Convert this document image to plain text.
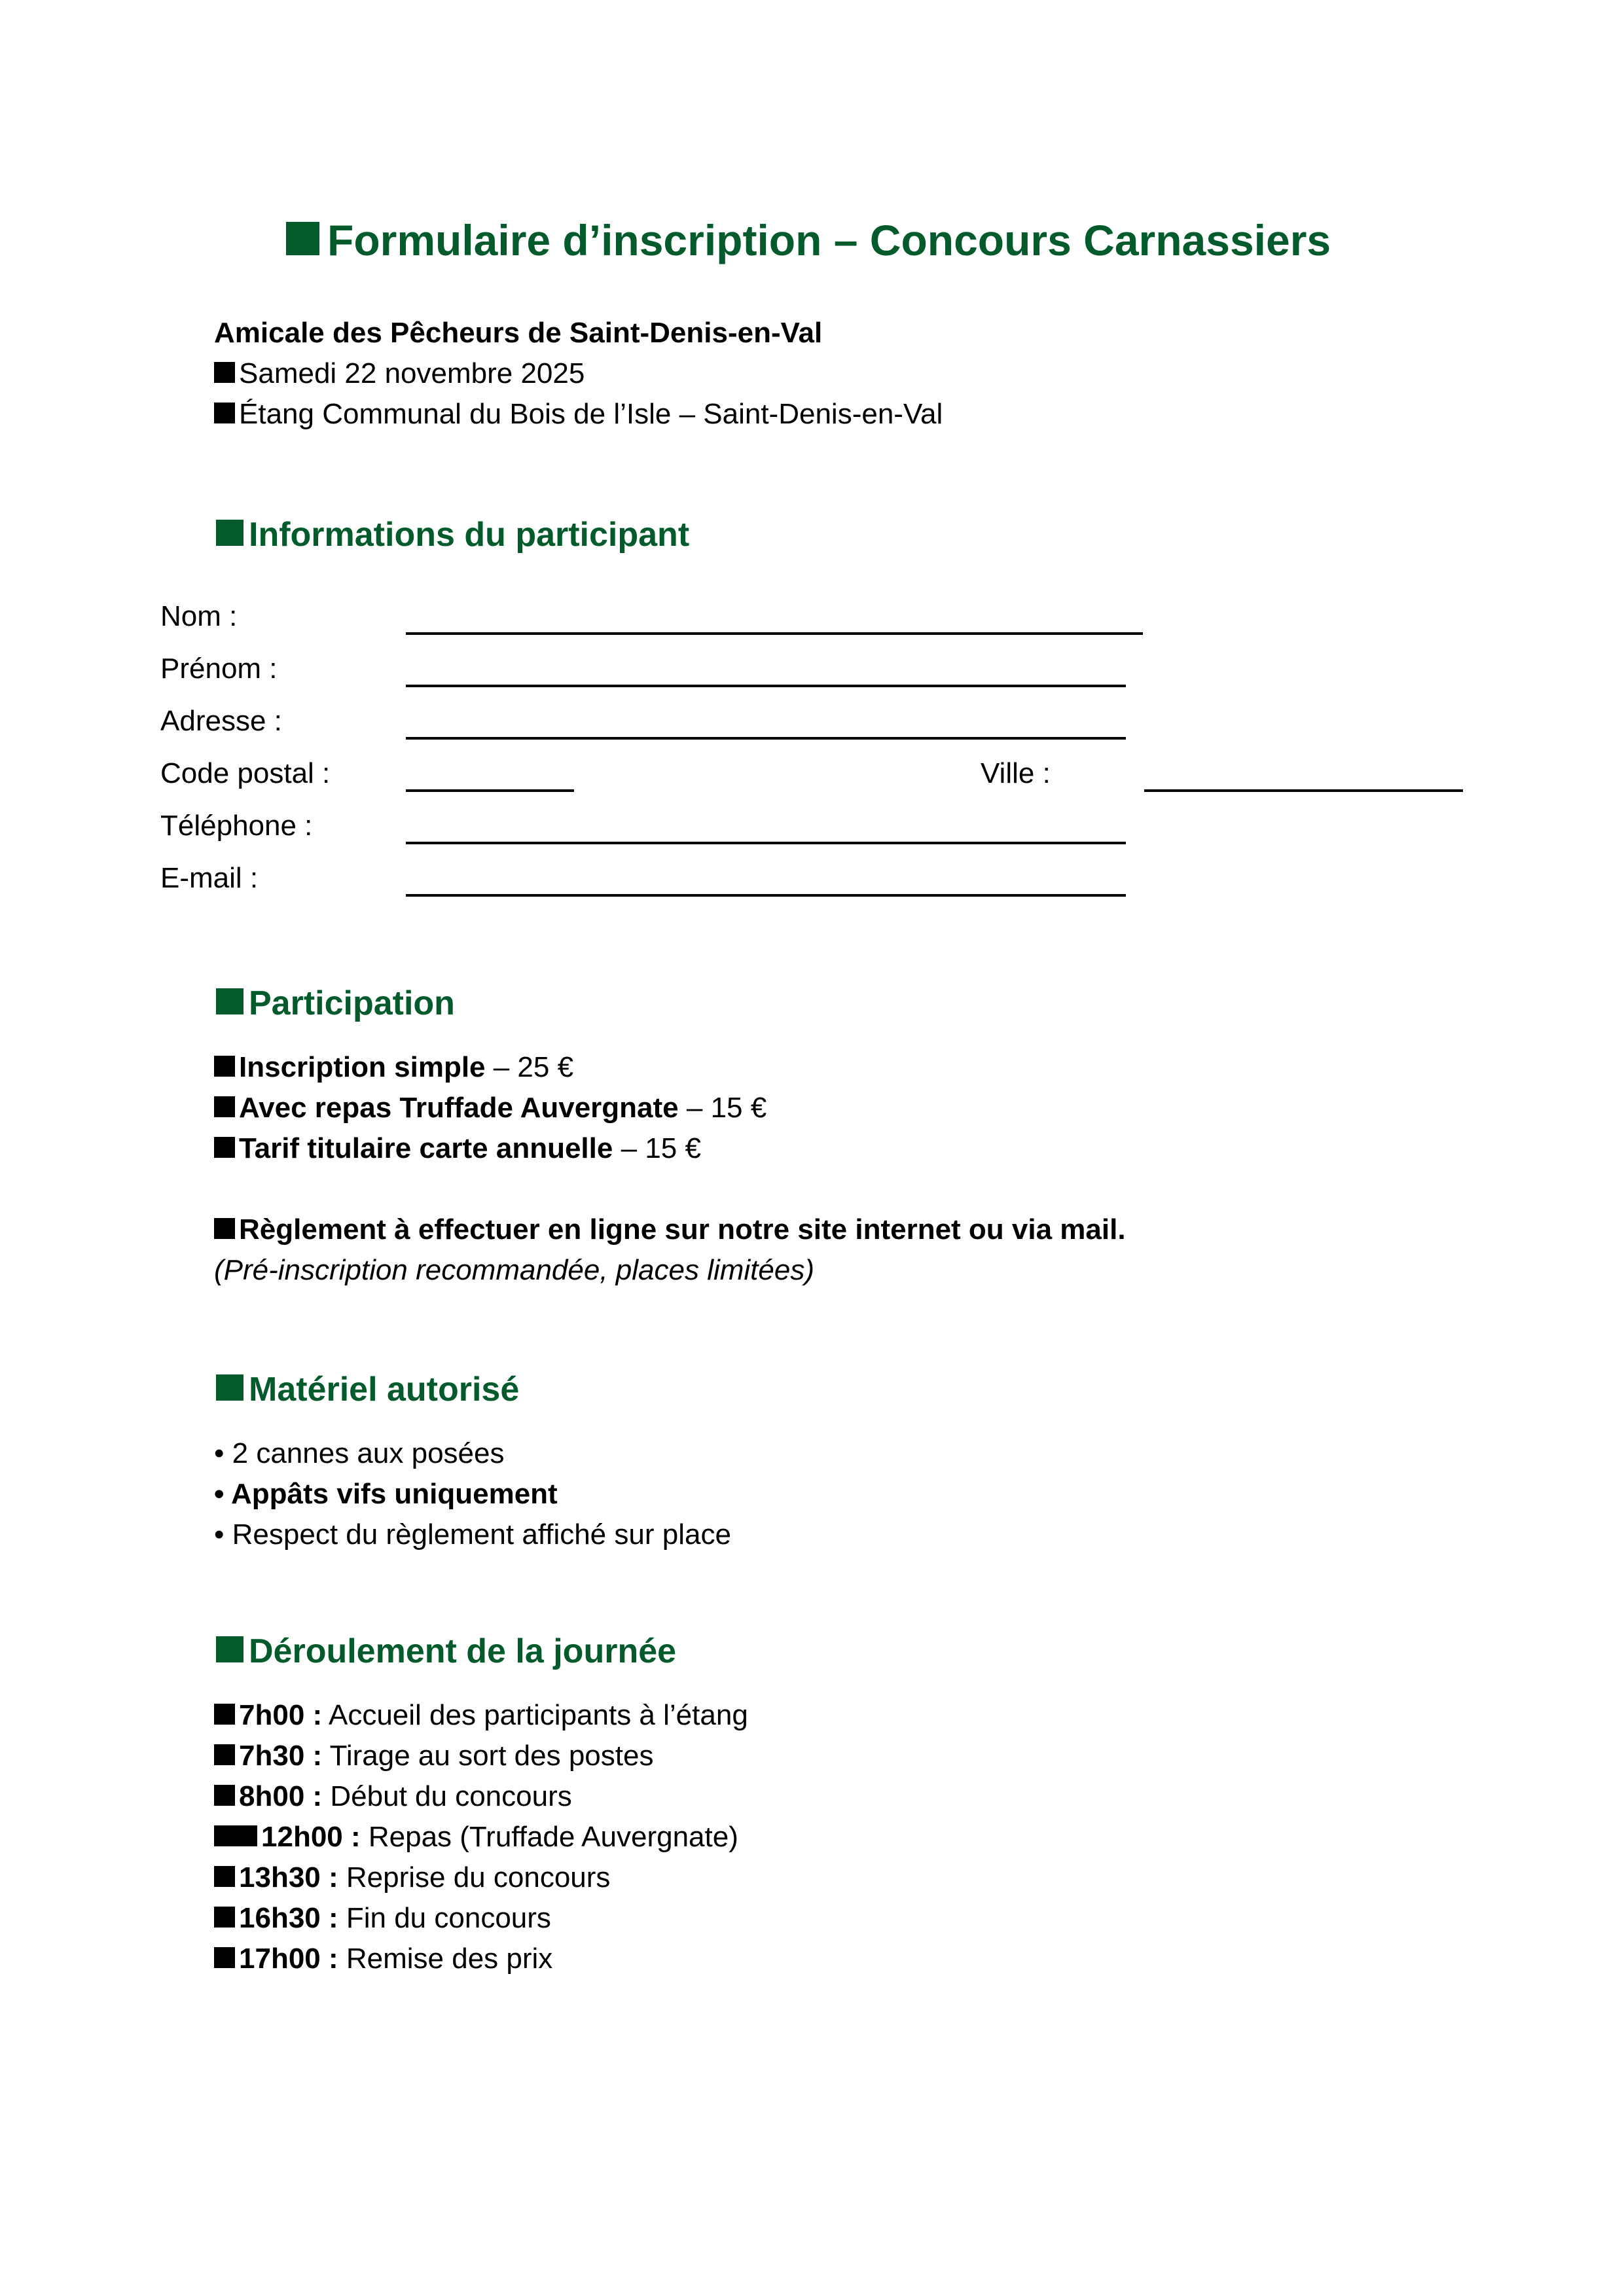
Formulaire d’inscription – Concours Carnassiers
Amicale des Pêcheurs de Saint-Denis-en-Val
Samedi 22 novembre 2025
Étang Communal du Bois de l’Isle – Saint-Denis-en-Val
Informations du participant
Nom :
Prénom :
Adresse :
Code postal :	Ville :
Téléphone :
E-mail :
Participation
Inscription simple – 25 €
Avec repas Truffade Auvergnate – 15 €
Tarif titulaire carte annuelle – 15 €
Règlement à effectuer en ligne sur notre site internet ou via mail.
(Pré-inscription recommandée, places limitées)
Matériel autorisé
• 2 cannes aux posées
• Appâts vifs uniquement
• Respect du règlement affiché sur place
Déroulement de la journée
7h00 : Accueil des participants à l’étang
7h30 : Tirage au sort des postes
8h00 : Début du concours
12h00 : Repas (Truffade Auvergnate)
13h30 : Reprise du concours
16h30 : Fin du concours
17h00 : Remise des prix
